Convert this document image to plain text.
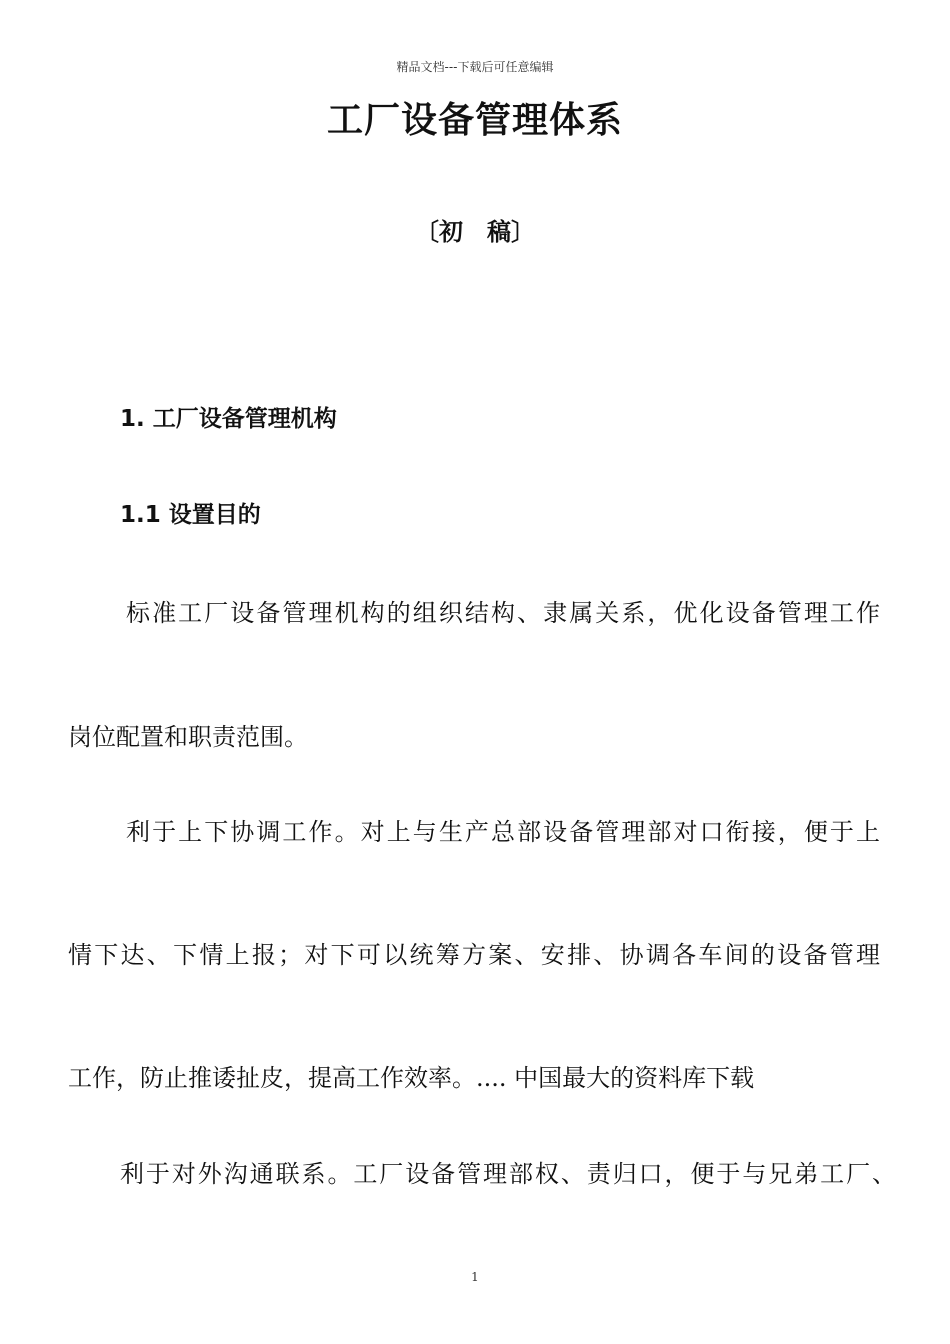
精品文档---下载后可任意编辑
工厂设备管理体系
〔初　稿〕
1. 工厂设备管理机构
1.1 设置目的
标准工厂设备管理机构的组织结构、隶属关系，优化设备管理工作
岗位配置和职责范围。
利于上下协调工作。对上与生产总部设备管理部对口衔接，便于上
情下达、下情上报；对下可以统筹方案、安排、协调各车间的设备管理
工作，防止推诿扯皮，提高工作效率。.... 中国最大的资料库下载
利于对外沟通联系。工厂设备管理部权、责归口，便于与兄弟工厂、
1
